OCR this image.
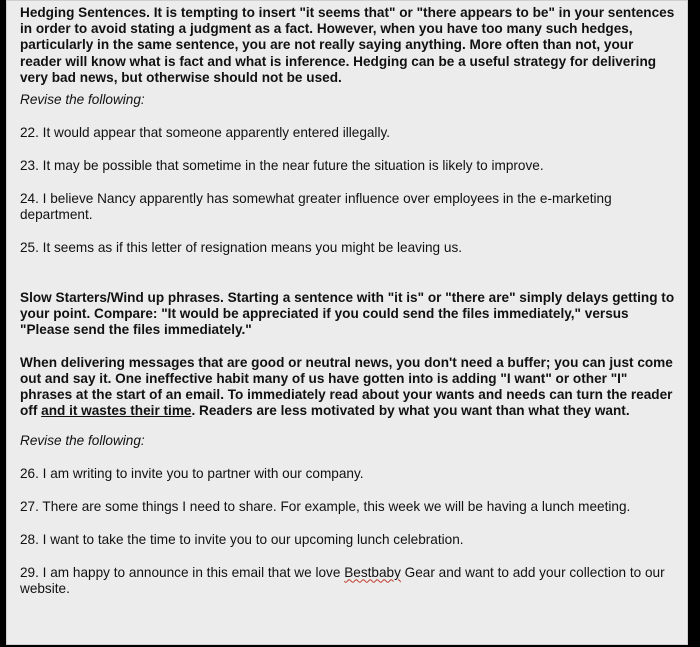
Hedging Sentences. It is tempting to insert "it seems that" or "there appears to be" in your sentences in order to avoid stating a judgment as a fact. However, when you have too many such hedges, particularly in the same sentence, you are not really saying anything. More often than not, your reader will know what is fact and what is inference. Hedging can be a useful strategy for delivering very bad news, but otherwise should not be used.

Revise the following:

22. It would appear that someone apparently entered illegally.

23. It may be possible that sometime in the near future the situation is likely to improve.

24. I believe Nancy apparently has somewhat greater influence over employees in the e-marketing department.

25. It seems as if this letter of resignation means you might be leaving us.

Slow Starters/Wind up phrases. Starting a sentence with "it is" or "there are" simply delays getting to your point. Compare: "It would be appreciated if you could send the files immediately," versus "Please send the files immediately."

When delivering messages that are good or neutral news, you don't need a buffer; you can just come out and say it. One ineffective habit many of us have gotten into is adding "I want" or other "I" phrases at the start of an email. To immediately read about your wants and needs can turn the reader off and it wastes their time. Readers are less motivated by what you want than what they want.

Revise the following:

26. I am writing to invite you to partner with our company.

27. There are some things I need to share. For example, this week we will be having a lunch meeting.

28. I want to take the time to invite you to our upcoming lunch celebration.

29. I am happy to announce in this email that we love Bestbaby Gear and want to add your collection to our website.
